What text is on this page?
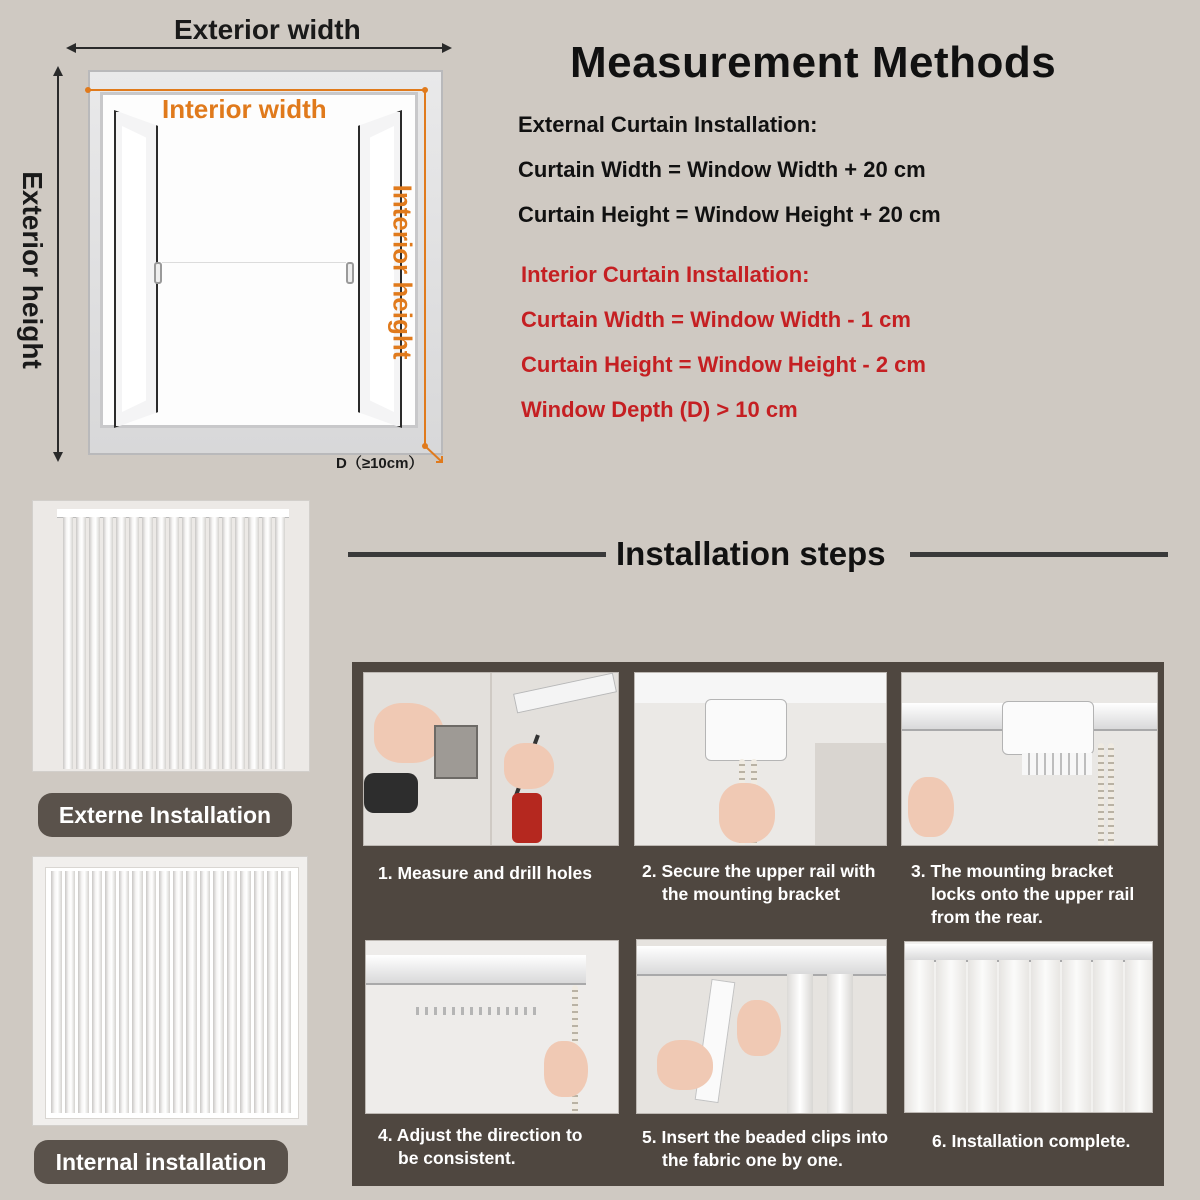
Exterior width
Exterior height
Interior width
Interior height
D（≥10cm）
Measurement Methods
External Curtain Installation:
Curtain Width = Window Width + 20 cm
Curtain Height = Window Height + 20 cm
Interior Curtain Installation:
Curtain Width = Window Width - 1 cm
Curtain Height = Window Height - 2 cm
Window Depth (D) > 10 cm
Externe Installation
Internal installation
Installation steps
1. Measure and drill holes	2. Secure the upper rail with
the mounting bracket
3. The mounting bracket
locks onto the upper rail
from the rear.
4. Adjust the direction to
be consistent.
5. Insert the beaded clips into
the fabric one by one.
6. Installation complete.
